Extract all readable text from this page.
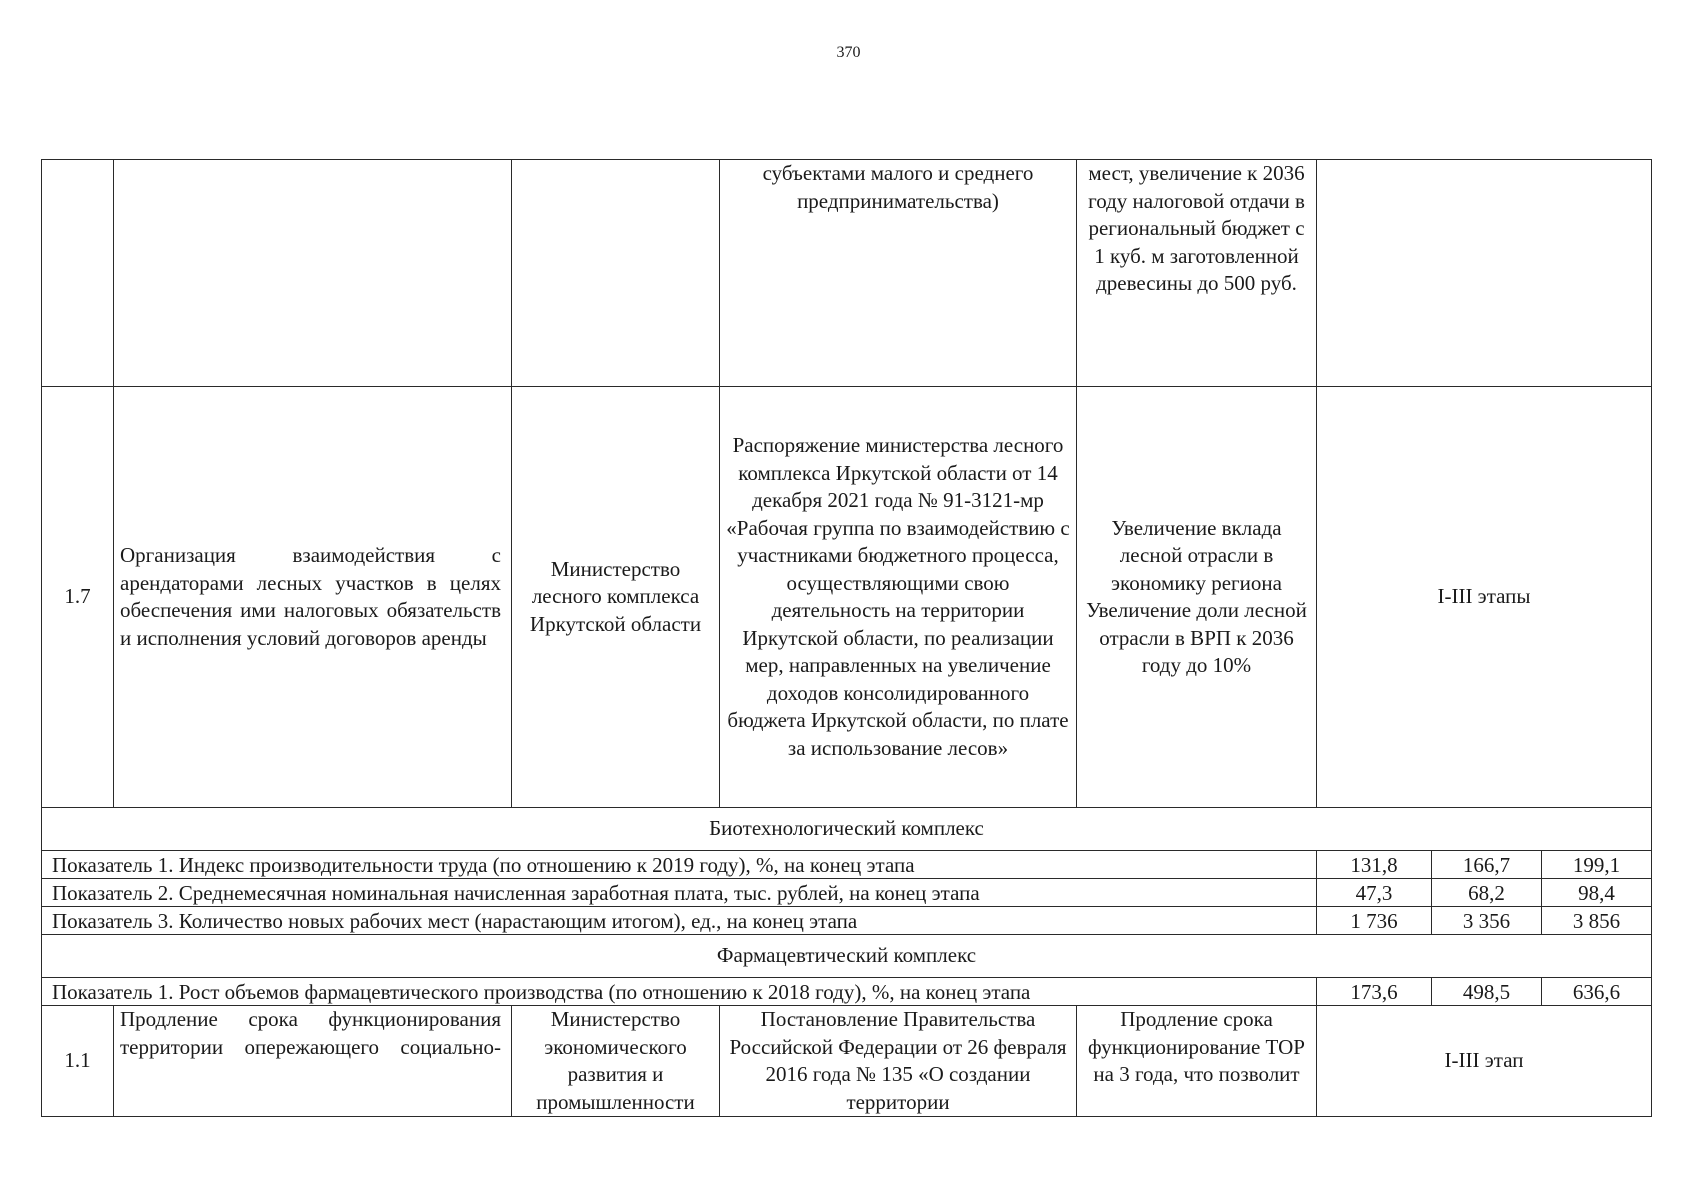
370
			субъектами малого и среднего предпринимательства)	мест, увеличение к 2036 году налоговой отдачи в региональный бюджет с 1 куб. м заготовленной древесины до 500 руб.			
1.7	Организация взаимодействия с арендаторами лесных участков в целях обеспечения ими налоговых обязательств и исполнения условий договоров аренды	Министерство лесного комплекса Иркутской области	Распоряжение министерства лесного комплекса Иркутской области от 14 декабря 2021 года № 91-3121-мр «Рабочая группа по взаимодействию с участниками бюджетного процесса, осуществляющими свою деятельность на территории Иркутской области, по реализации мер, направленных на увеличение доходов консолидированного бюджета Иркутской области, по плате за использование лесов»	Увеличение вклада лесной отрасли в экономику региона Увеличение доли лесной отрасли в ВРП к 2036 году до 10%	I-III этапы		
Биотехнологический комплекс							
Показатель 1. Индекс производительности труда (по отношению к 2019 году), %, на конец этапа					131,8	166,7	199,1
Показатель 2. Среднемесячная номинальная начисленная заработная плата, тыс. рублей, на конец этапа					47,3	68,2	98,4
Показатель 3. Количество новых рабочих мест (нарастающим итогом), ед., на конец этапа					1 736	3 356	3 856
Фармацевтический комплекс							
Показатель 1. Рост объемов фармацевтического производства (по отношению к 2018 году), %, на конец этапа					173,6	498,5	636,6
1.1	Продление срока функционирования территории опережающего социально-	Министерство экономического развития и промышленности	Постановление Правительства Российской Федерации от 26 февраля 2016 года № 135 «О создании территории	Продление срока функционирование ТОР на 3 года, что позволит	I-III этап		
